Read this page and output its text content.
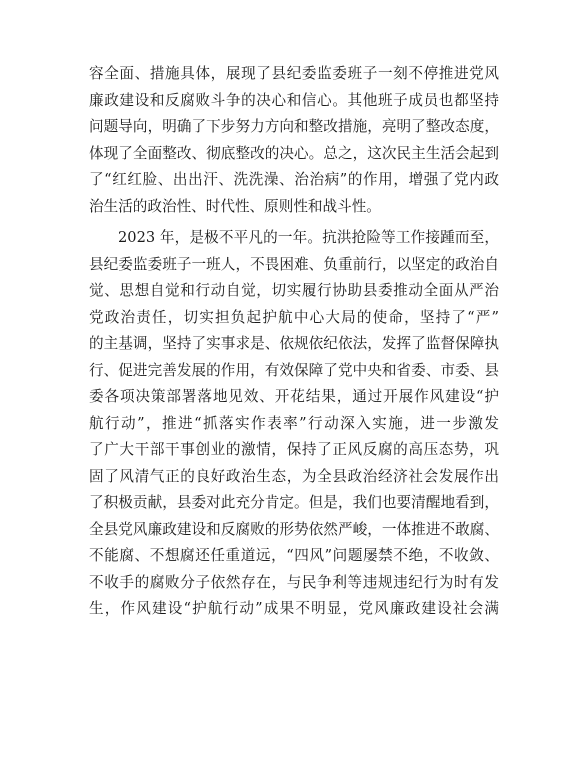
容全面、措施具体，展现了县纪委监委班子一刻不停推进党风
廉政建设和反腐败斗争的决心和信心。其他班子成员也都坚持
问题导向，明确了下步努力方向和整改措施，亮明了整改态度，
体现了全面整改、彻底整改的决心。总之，这次民主生活会起到
了“红红脸、出出汗、洗洗澡、治治病”的作用，增强了党内政
治生活的政治性、时代性、原则性和战斗性。
2023 年，是极不平凡的一年。抗洪抢险等工作接踵而至，
县纪委监委班子一班人，不畏困难、负重前行，以坚定的政治自
觉、思想自觉和行动自觉，切实履行协助县委推动全面从严治
党政治责任，切实担负起护航中心大局的使命，坚持了“严”
的主基调，坚持了实事求是、依规依纪依法，发挥了监督保障执
行、促进完善发展的作用，有效保障了党中央和省委、市委、县
委各项决策部署落地见效、开花结果，通过开展作风建设“护
航行动”，推进“抓落实作表率”行动深入实施，进一步激发
了广大干部干事创业的激情，保持了正风反腐的高压态势，巩
固了风清气正的良好政治生态，为全县政治经济社会发展作出
了积极贡献，县委对此充分肯定。但是，我们也要清醒地看到，
全县党风廉政建设和反腐败的形势依然严峻，一体推进不敢腐、
不能腐、不想腐还任重道远，“四风”问题屡禁不绝，不收敛、
不收手的腐败分子依然存在，与民争利等违规违纪行为时有发
生，作风建设“护航行动”成果不明显，党风廉政建设社会满
